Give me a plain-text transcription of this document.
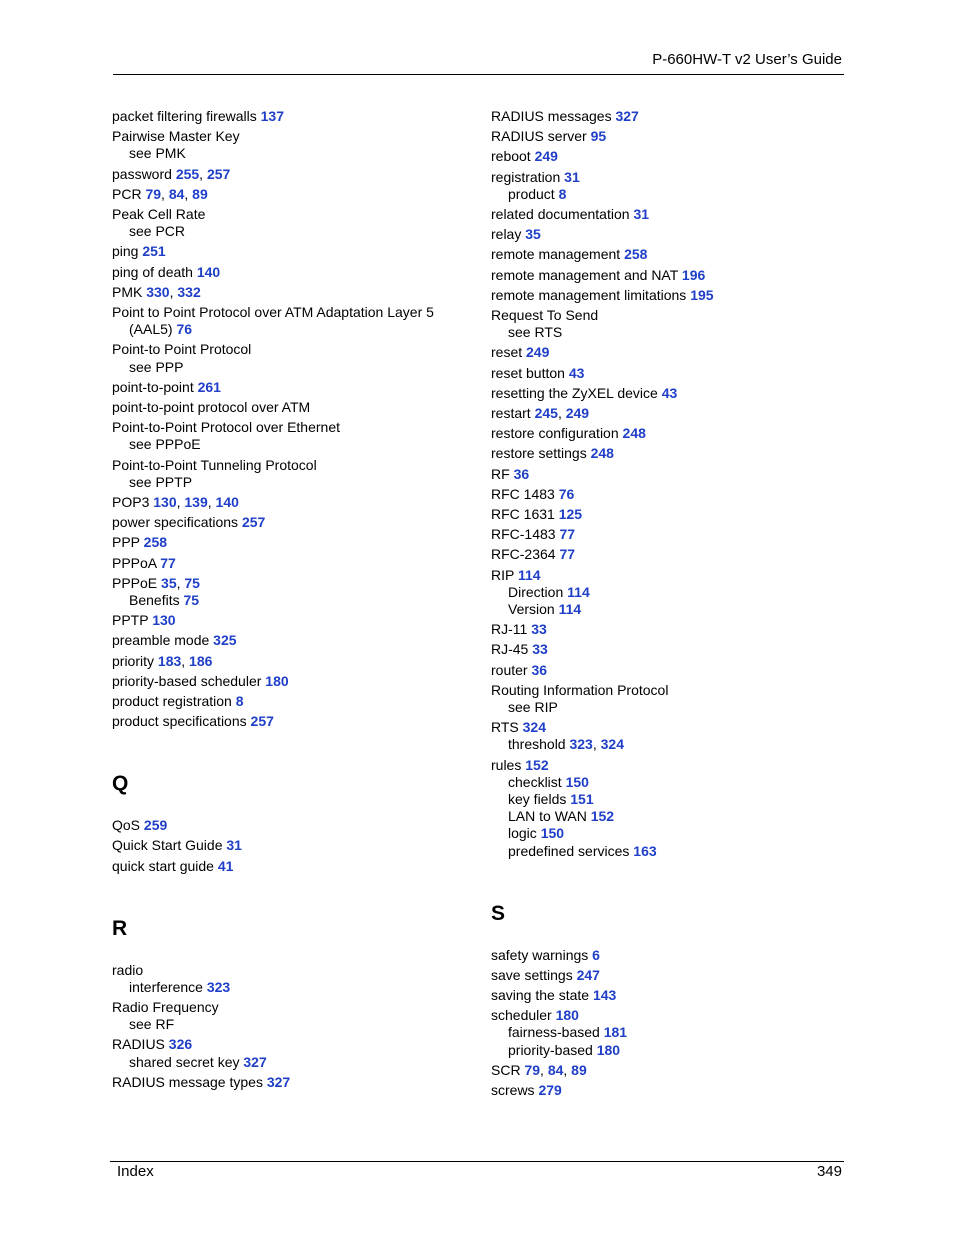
P-660HW-T v2 User’s Guide
packet filtering firewalls 137
Pairwise Master Key
see PMK
password 255, 257
PCR 79, 84, 89
Peak Cell Rate
see PCR
ping 251
ping of death 140
PMK 330, 332
Point to Point Protocol over ATM Adaptation Layer 5
(AAL5) 76
Point-to Point Protocol
see PPP
point-to-point 261
point-to-point protocol over ATM
Point-to-Point Protocol over Ethernet
see PPPoE
Point-to-Point Tunneling Protocol
see PPTP
POP3 130, 139, 140
power specifications 257
PPP 258
PPPoA 77
PPPoE 35, 75
Benefits 75
PPTP 130
preamble mode 325
priority 183, 186
priority-based scheduler 180
product registration 8
product specifications 257
Q
QoS 259
Quick Start Guide 31
quick start guide 41
R
radio
interference 323
Radio Frequency
see RF
RADIUS 326
shared secret key 327
RADIUS message types 327
RADIUS messages 327
RADIUS server 95
reboot 249
registration 31
product 8
related documentation 31
relay 35
remote management 258
remote management and NAT 196
remote management limitations 195
Request To Send
see RTS
reset 249
reset button 43
resetting the ZyXEL device 43
restart 245, 249
restore configuration 248
restore settings 248
RF 36
RFC 1483 76
RFC 1631 125
RFC-1483 77
RFC-2364 77
RIP 114
Direction 114
Version 114
RJ-11 33
RJ-45 33
router 36
Routing Information Protocol
see RIP
RTS 324
threshold 323, 324
rules 152
checklist 150
key fields 151
LAN to WAN 152
logic 150
predefined services 163
S
safety warnings 6
save settings 247
saving the state 143
scheduler 180
fairness-based 181
priority-based 180
SCR 79, 84, 89
screws 279
Index	349
